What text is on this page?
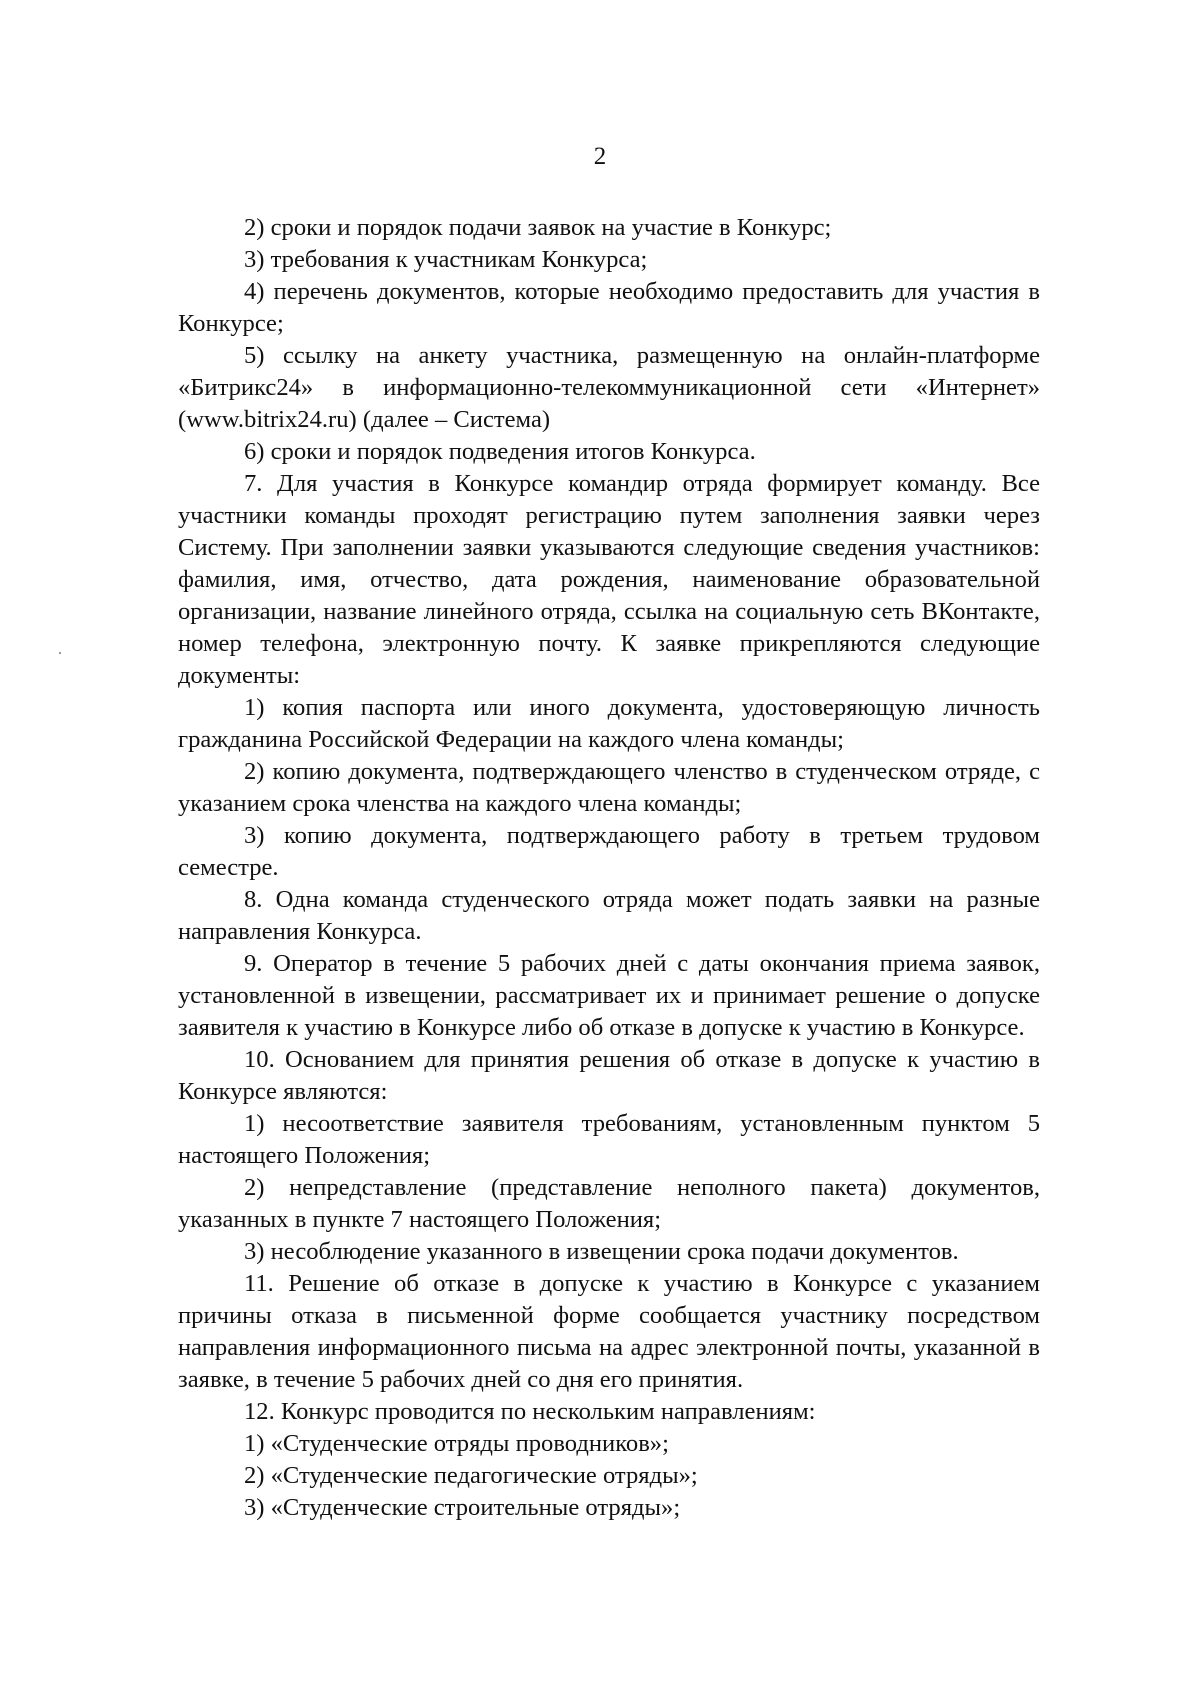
2

2) сроки и порядок подачи заявок на участие в Конкурс;

3) требования к участникам Конкурса;

4) перечень документов, которые необходимо предоставить для участия в Конкурсе;

5) ссылку на анкету участника, размещенную на онлайн-платформе «Битрикс24» в информационно-телекоммуникационной сети «Интернет» (www.bitrix24.ru) (далее – Система)

6) сроки и порядок подведения итогов Конкурса.

7. Для участия в Конкурсе командир отряда формирует команду. Все участники команды проходят регистрацию путем заполнения заявки через Систему. При заполнении заявки указываются следующие сведения участников: фамилия, имя, отчество, дата рождения, наименование образовательной организации, название линейного отряда, ссылка на социальную сеть ВКонтакте, номер телефона, электронную почту. К заявке прикрепляются следующие документы:

1) копия паспорта или иного документа, удостоверяющую личность гражданина Российской Федерации на каждого члена команды;

2) копию документа, подтверждающего членство в студенческом отряде, с указанием срока членства на каждого члена команды;

3) копию документа, подтверждающего работу в третьем трудовом семестре.

8. Одна команда студенческого отряда может подать заявки на разные направления Конкурса.

9. Оператор в течение 5 рабочих дней с даты окончания приема заявок, установленной в извещении, рассматривает их и принимает решение о допуске заявителя к участию в Конкурсе либо об отказе в допуске к участию в Конкурсе.

10. Основанием для принятия решения об отказе в допуске к участию в Конкурсе являются:

1) несоответствие заявителя требованиям, установленным пунктом 5 настоящего Положения;

2) непредставление (представление неполного пакета) документов, указанных в пункте 7 настоящего Положения;

3) несоблюдение указанного в извещении срока подачи документов.

11. Решение об отказе в допуске к участию в Конкурсе с указанием причины отказа в письменной форме сообщается участнику посредством направления информационного письма на адрес электронной почты, указанной в заявке, в течение 5 рабочих дней со дня его принятия.

12. Конкурс проводится по нескольким направлениям:

1) «Студенческие отряды проводников»;

2) «Студенческие педагогические отряды»;

3) «Студенческие строительные отряды»;
